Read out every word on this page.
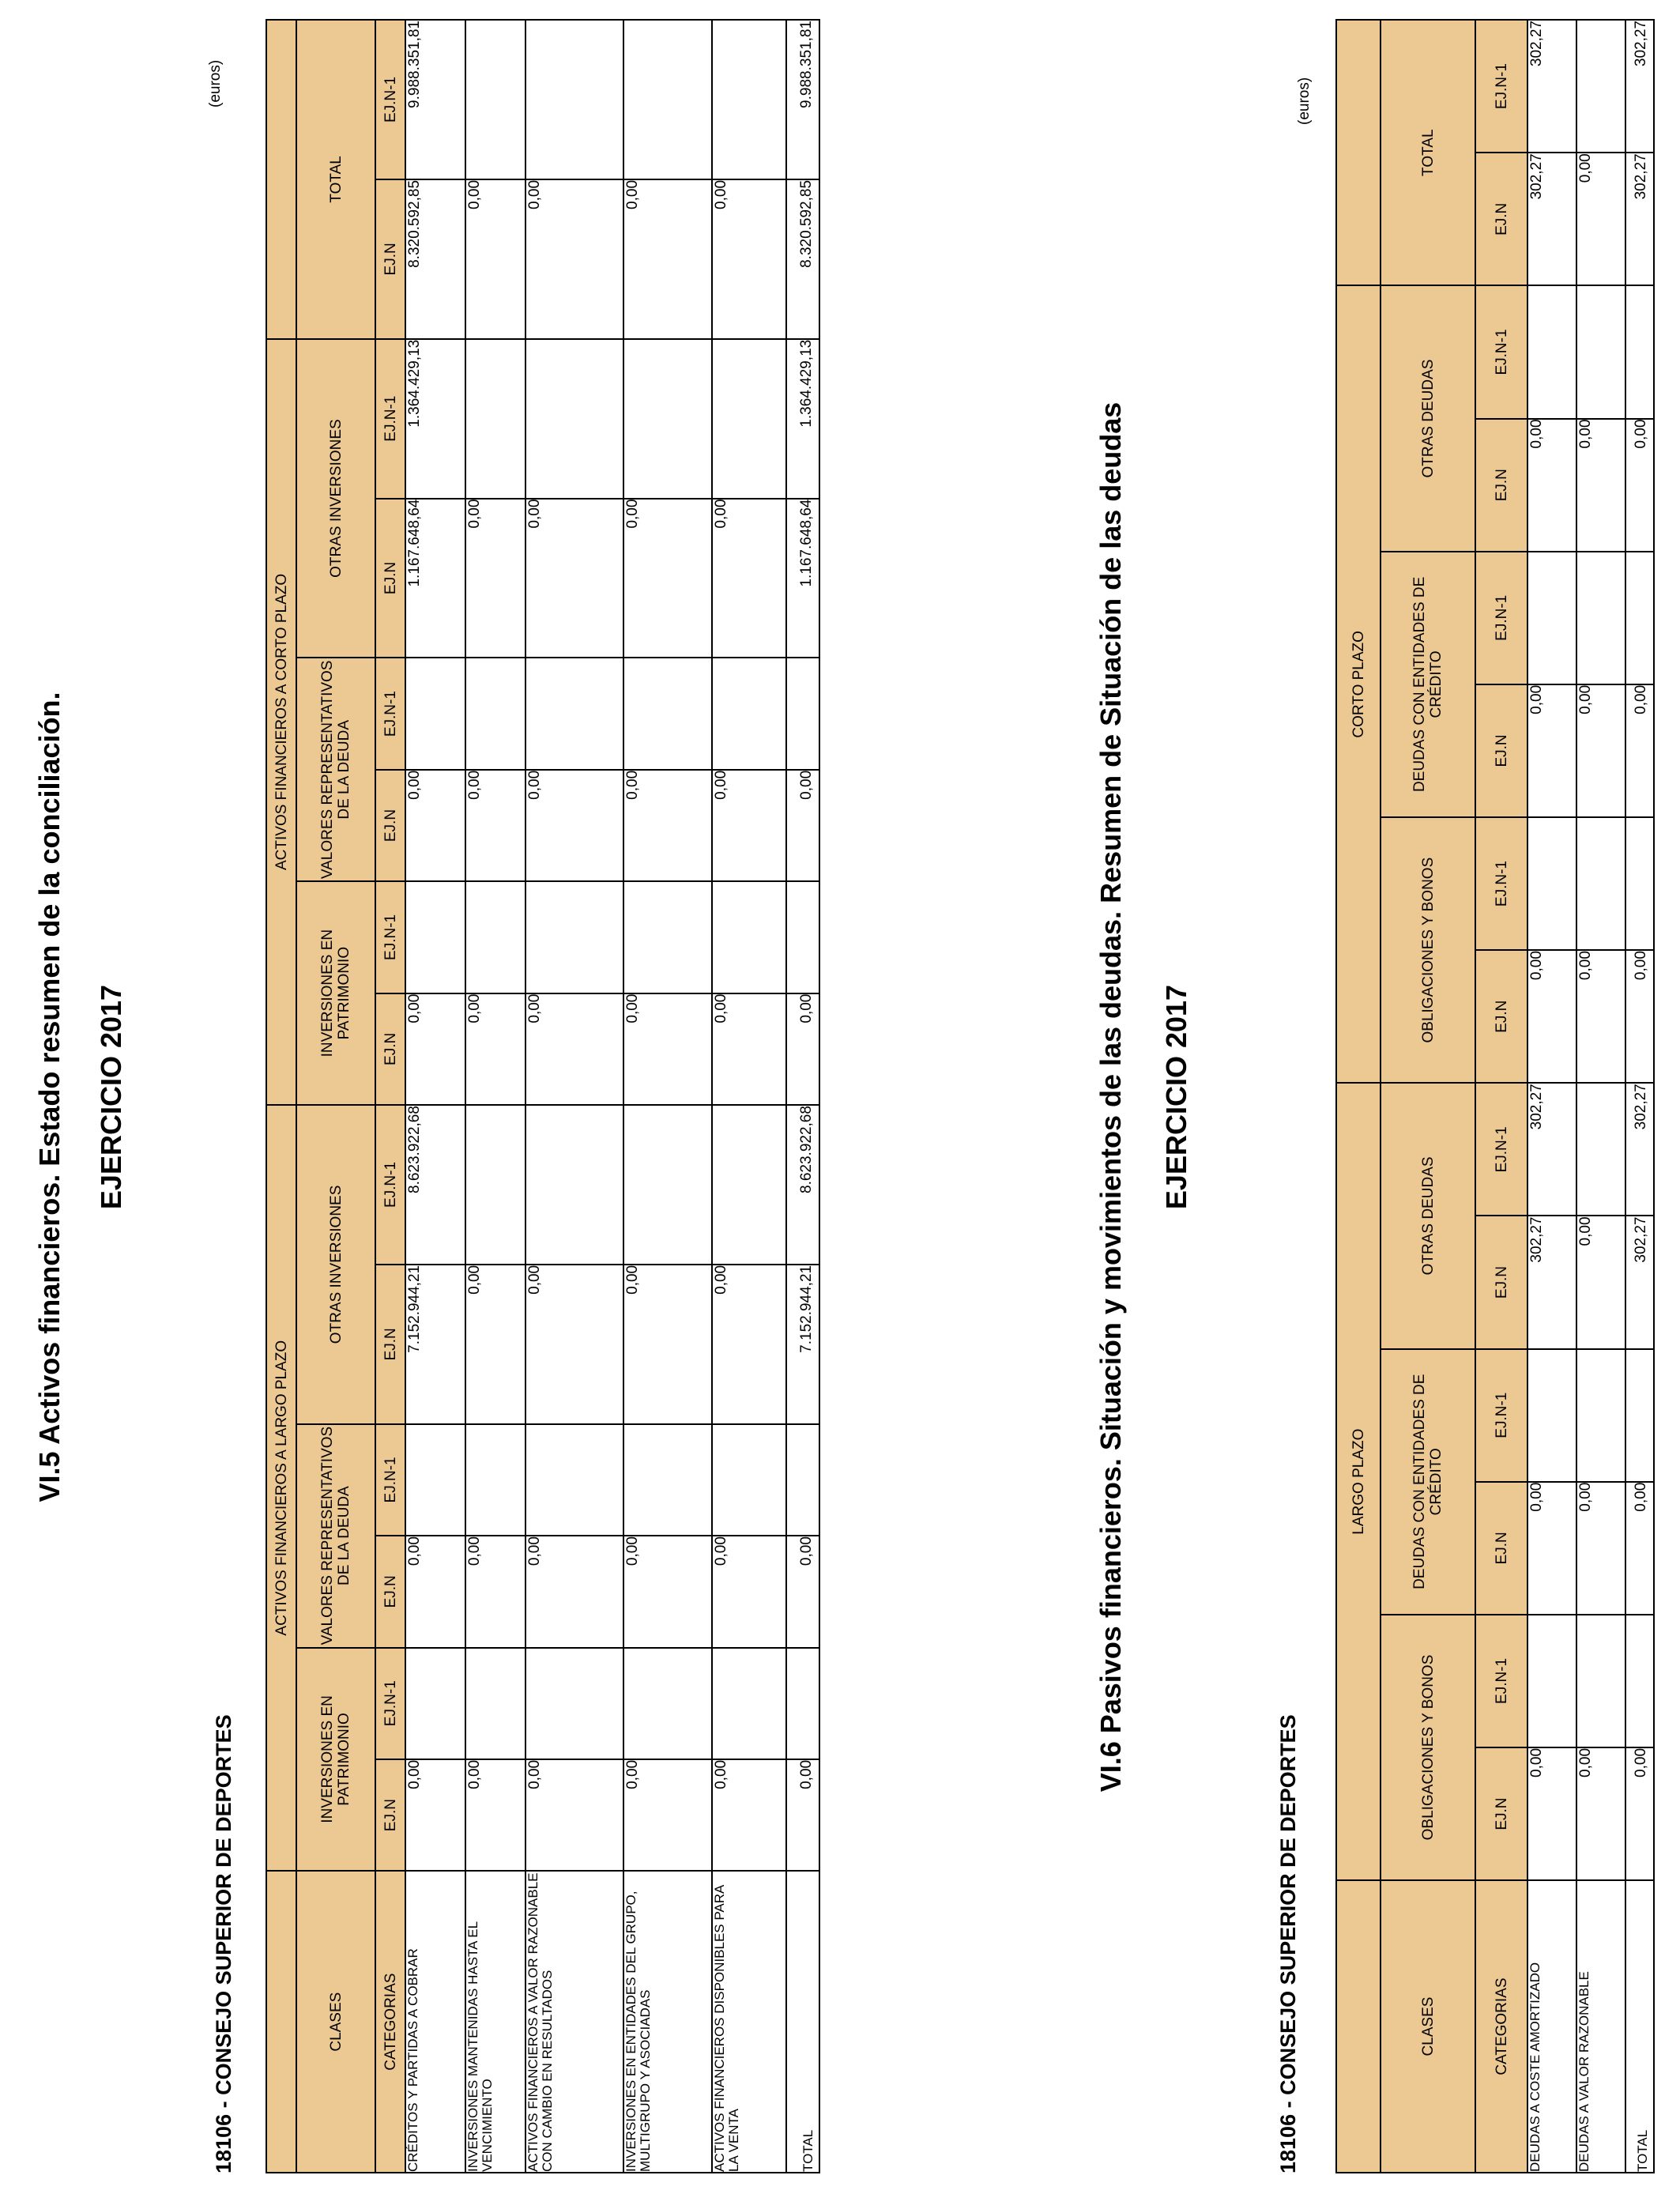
VI.5 Activos financieros. Estado resumen de la conciliación. EJERCICIO 2017
18106 - CONSEJO SUPERIOR DE DEPORTES
(euros)
	ACTIVOS FINANCIEROS A LARGO PLAZO						ACTIVOS FINANCIEROS A CORTO PLAZO							
CLASES	INVERSIONES EN PATRIMONIO		VALORES REPRESENTATIVOS DE LA DEUDA		OTRAS INVERSIONES		INVERSIONES EN PATRIMONIO		VALORES REPRESENTATIVOS DE LA DEUDA		OTRAS INVERSIONES		TOTAL	
CATEGORIAS	EJ.N	EJ.N-1	EJ.N	EJ.N-1	EJ.N	EJ.N-1	EJ.N	EJ.N-1	EJ.N	EJ.N-1	EJ.N	EJ.N-1	EJ.N	EJ.N-1
CRÉDITOS Y PARTIDAS A COBRAR	0,00		0,00		7.152.944,21	8.623.922,68	0,00		0,00		1.167.648,64	1.364.429,13	8.320.592,85	9.988.351,81
INVERSIONES MANTENIDAS HASTA EL VENCIMIENTO	0,00		0,00		0,00		0,00		0,00		0,00		0,00	
ACTIVOS FINANCIEROS A VALOR RAZONABLE CON CAMBIO EN RESULTADOS	0,00		0,00		0,00		0,00		0,00		0,00		0,00	
INVERSIONES EN ENTIDADES DEL GRUPO, MULTIGRUPO Y ASOCIADAS	0,00		0,00		0,00		0,00		0,00		0,00		0,00	
ACTIVOS FINANCIEROS DISPONIBLES PARA LA VENTA	0,00		0,00		0,00		0,00		0,00		0,00		0,00	
TOTAL	0,00		0,00		7.152.944,21	8.623.922,68	0,00		0,00		1.167.648,64	1.364.429,13	8.320.592,85	9.988.351,81
VI.6 Pasivos financieros. Situación y movimientos de las deudas. Resumen de Situación de las deudas EJERCICIO 2017
18106 - CONSEJO SUPERIOR DE DEPORTES
(euros)
	LARGO PLAZO						CORTO PLAZO							
CLASES	OBLIGACIONES Y BONOS		DEUDAS CON ENTIDADES DE CRÉDITO		OTRAS DEUDAS		OBLIGACIONES Y BONOS		DEUDAS CON ENTIDADES DE CRÉDITO		OTRAS DEUDAS		TOTAL	
CATEGORIAS	EJ.N	EJ.N-1	EJ.N	EJ.N-1	EJ.N	EJ.N-1	EJ.N	EJ.N-1	EJ.N	EJ.N-1	EJ.N	EJ.N-1	EJ.N	EJ.N-1
DEUDAS A COSTE AMORTIZADO	0,00		0,00		302,27	302,27	0,00		0,00		0,00		302,27	302,27
DEUDAS A VALOR RAZONABLE	0,00		0,00		0,00		0,00		0,00		0,00		0,00	
TOTAL	0,00		0,00		302,27	302,27	0,00		0,00		0,00		302,27	302,27
